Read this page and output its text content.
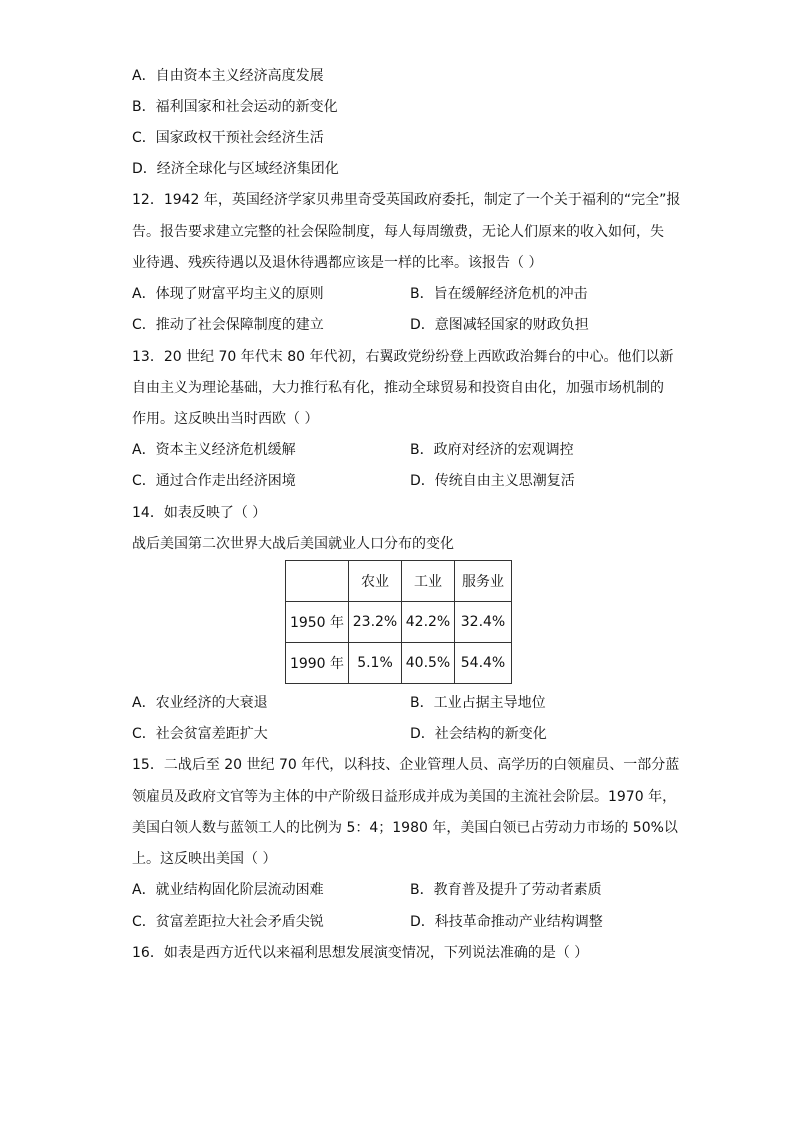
A．自由资本主义经济高度发展
B．福利国家和社会运动的新变化
C．国家政权干预社会经济生活
D．经济全球化与区域经济集团化
12．1942 年，英国经济学家贝弗里奇受英国政府委托，制定了一个关于福利的“完全”报
告。报告要求建立完整的社会保险制度，每人每周缴费，无论人们原来的收入如何，失
业待遇、残疾待遇以及退休待遇都应该是一样的比率。该报告（ ）
A．体现了财富平均主义的原则	B．旨在缓解经济危机的冲击
C．推动了社会保障制度的建立	D．意图减轻国家的财政负担
13．20 世纪 70 年代末 80 年代初，右翼政党纷纷登上西欧政治舞台的中心。他们以新
自由主义为理论基础，大力推行私有化，推动全球贸易和投资自由化，加强市场机制的
作用。这反映出当时西欧（ ）
A．资本主义经济危机缓解	B．政府对经济的宏观调控
C．通过合作走出经济困境	D．传统自由主义思潮复活
14．如表反映了（ ）
战后美国第二次世界大战后美国就业人口分布的变化
	农业	工业	服务业
1950 年	23.2%	42.2%	32.4%
1990 年	5.1%	40.5%	54.4%
A．农业经济的大衰退	B．工业占据主导地位
C．社会贫富差距扩大	D．社会结构的新变化
15．二战后至 20 世纪 70 年代，以科技、企业管理人员、高学历的白领雇员、一部分蓝
领雇员及政府文官等为主体的中产阶级日益形成并成为美国的主流社会阶层。1970 年，
美国白领人数与蓝领工人的比例为 5：4；1980 年，美国白领已占劳动力市场的 50%以
上。这反映出美国（ ）
A．就业结构固化阶层流动困难	B．教育普及提升了劳动者素质
C．贫富差距拉大社会矛盾尖锐	D．科技革命推动产业结构调整
16．如表是西方近代以来福利思想发展演变情况，下列说法准确的是（ ）
